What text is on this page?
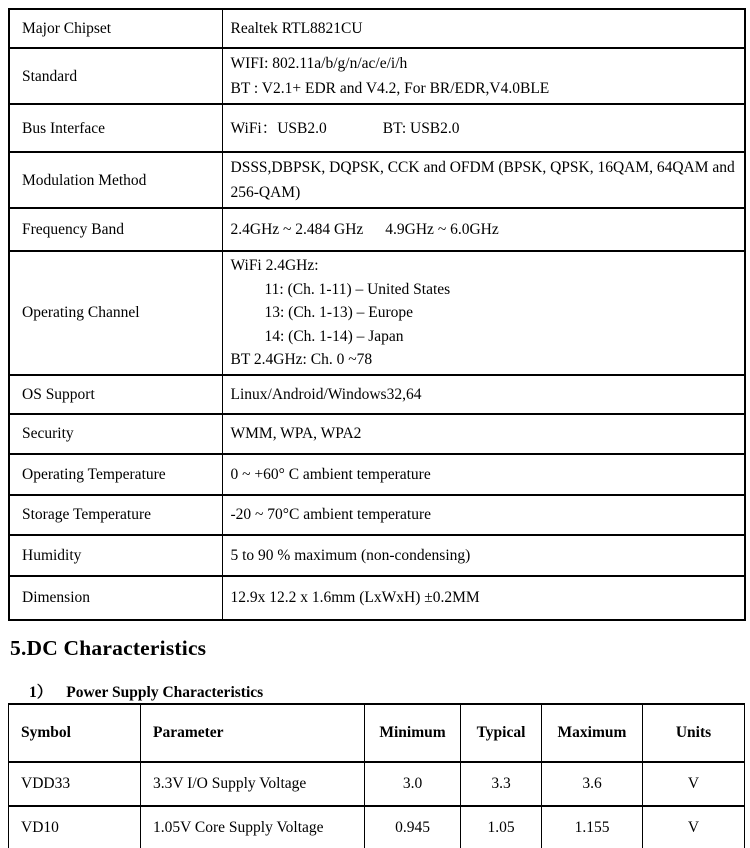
Major Chipset	Realtek RTL8821CU
Standard	WIFI: 802.11a/b/g/n/ac/e/i/h
BT : V2.1+ EDR and V4.2, For BR/EDR,V4.0BLE

Bus Interface	WiFi：USB2.0 BT: USB2.0
Modulation Method	DSSS,DBPSK, DQPSK, CCK and OFDM (BPSK, QPSK, 16QAM, 64QAM and 256-QAM)
Frequency Band	2.4GHz ~ 2.484 GHz 4.9GHz ~ 6.0GHz
Operating Channel	WiFi 2.4GHz:
11: (Ch. 1-11) – United States
13: (Ch. 1-13) – Europe
14: (Ch. 1-14) – Japan
BT 2.4GHz: Ch. 0 ~78

OS Support	Linux/Android/Windows32,64
Security	WMM, WPA, WPA2
Operating Temperature	0 ~ +60° C ambient temperature
Storage Temperature	-20 ~ 70°C ambient temperature
Humidity	5 to 90 % maximum (non-condensing)
Dimension	12.9x 12.2 x 1.6mm (LxWxH) ±0.2MM
5.DC Characteristics
1） Power Supply Characteristics
Symbol	Parameter	Minimum	Typical	Maximum	Units
VDD33	3.3V I/O Supply Voltage	3.0	3.3	3.6	V
VD10	1.05V Core Supply Voltage	0.945	1.05	1.155	V
